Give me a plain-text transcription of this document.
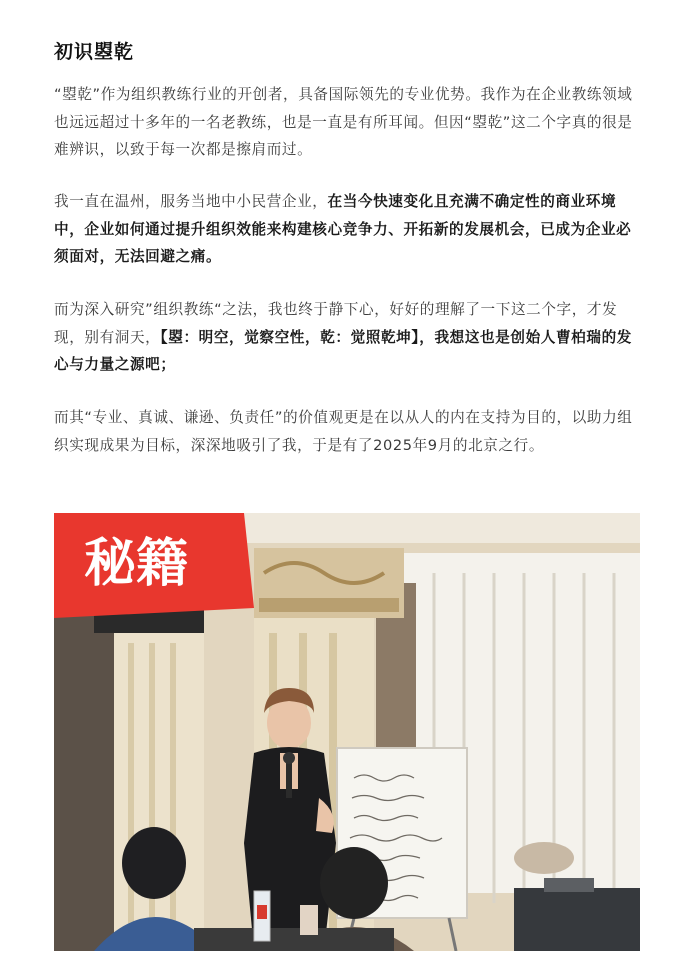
初识曌乾

“曌乾”作为组织教练行业的开创者，具备国际领先的专业优势。我作为在企业教练领域也远远超过十多年的一名老教练，也是一直是有所耳闻。但因“曌乾”这二个字真的很是难辨识，以致于每一次都是擦肩而过。

我一直在温州，服务当地中小民营企业，在当今快速变化且充满不确定性的商业环境中，企业如何通过提升组织效能来构建核心竞争力、开拓新的发展机会，已成为企业必须面对，无法回避之痛。

而为深入研究”组织教练“之法，我也终于静下心，好好的理解了一下这二个字，才发现，别有洞天，【曌：明空，觉察空性，乾：觉照乾坤】，我想这也是创始人曹柏瑞的发心与力量之源吧；

而其“专业、真诚、谦逊、负责任”的价值观更是在以从人的内在支持为目的，以助力组织实现成果为目标，深深地吸引了我，于是有了2025年9月的北京之行。

秘籍
